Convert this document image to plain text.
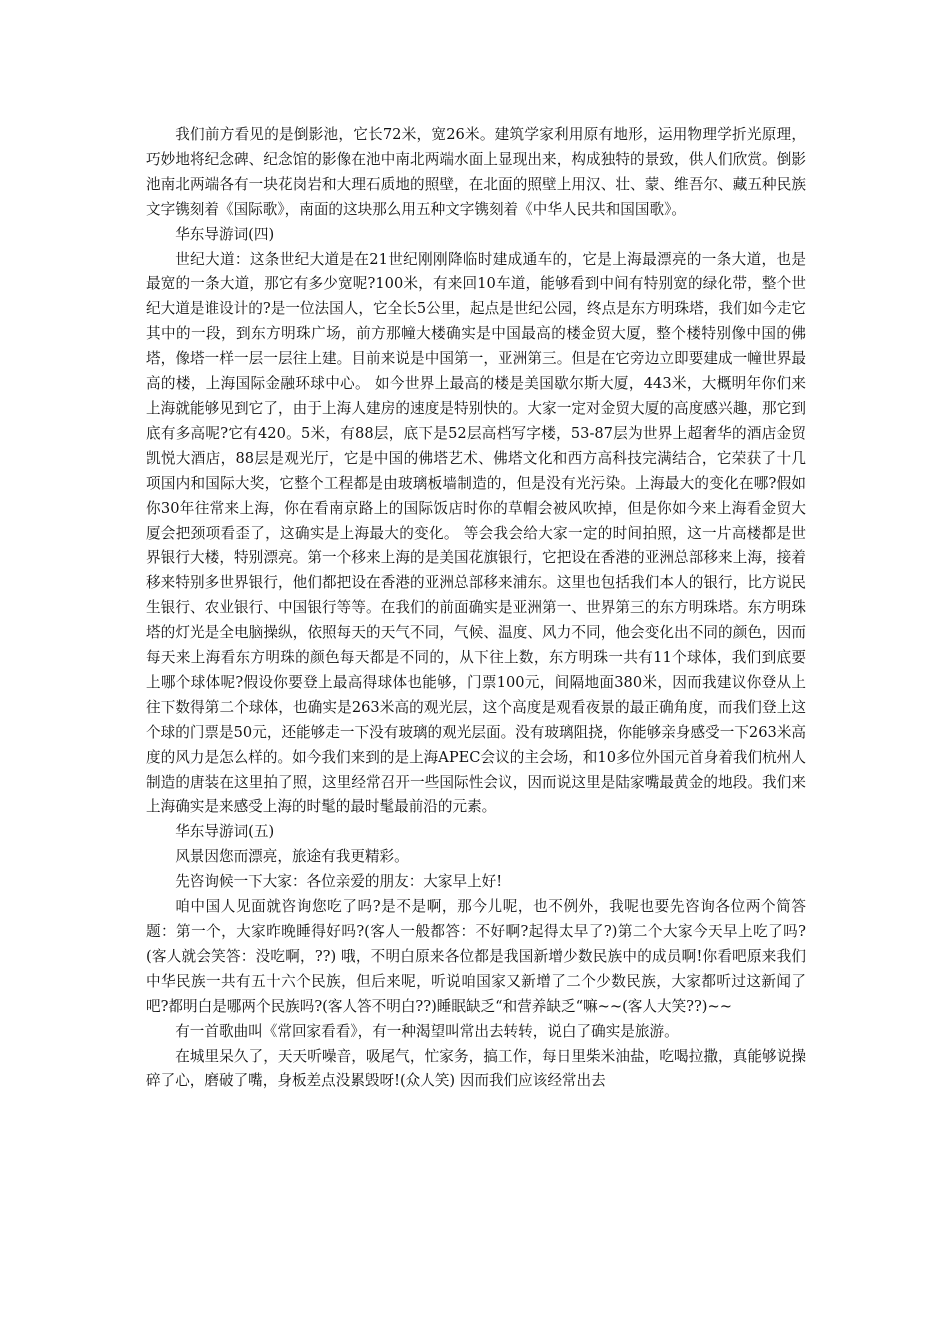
我们前方看见的是倒影池，它长72米，宽26米。建筑学家利用原有地形，运用物理学折光原理，巧妙地将纪念碑、纪念馆的影像在池中南北两端水面上显现出来，构成独特的景致，供人们欣赏。倒影池南北两端各有一块花岗岩和大理石质地的照壁，在北面的照壁上用汉、壮、蒙、维吾尔、藏五种民族文字镌刻着《国际歌》，南面的这块那么用五种文字镌刻着《中华人民共和国国歌》。

华东导游词(四)

世纪大道：这条世纪大道是在21世纪刚刚降临时建成通车的，它是上海最漂亮的一条大道，也是最宽的一条大道，那它有多少宽呢?100米，有来回10车道，能够看到中间有特别宽的绿化带，整个世纪大道是谁设计的?是一位法国人，它全长5公里，起点是世纪公园，终点是东方明珠塔，我们如今走它其中的一段，到东方明珠广场，前方那幢大楼确实是中国最高的楼金贸大厦，整个楼特别像中国的佛塔，像塔一样一层一层往上建。目前来说是中国第一，亚洲第三。但是在它旁边立即要建成一幢世界最高的楼，上海国际金融环球中心。 如今世界上最高的楼是美国歇尔斯大厦，443米，大概明年你们来上海就能够见到它了，由于上海人建房的速度是特别快的。大家一定对金贸大厦的高度感兴趣，那它到底有多高呢?它有420。5米，有88层，底下是52层高档写字楼，53-87层为世界上超奢华的酒店金贸凯悦大酒店，88层是观光厅，它是中国的佛塔艺术、佛塔文化和西方高科技完满结合，它荣获了十几项国内和国际大奖，它整个工程都是由玻璃板墙制造的，但是没有光污染。上海最大的变化在哪?假如你30年往常来上海，你在看南京路上的国际饭店时你的草帽会被风吹掉，但是你如今来上海看金贸大厦会把颈项看歪了，这确实是上海最大的变化。 等会我会给大家一定的时间拍照，这一片高楼都是世界银行大楼，特别漂亮。第一个移来上海的是美国花旗银行，它把设在香港的亚洲总部移来上海，接着移来特别多世界银行，他们都把设在香港的亚洲总部移来浦东。这里也包括我们本人的银行，比方说民生银行、农业银行、中国银行等等。在我们的前面确实是亚洲第一、世界第三的东方明珠塔。东方明珠塔的灯光是全电脑操纵，依照每天的天气不同，气候、温度、风力不同，他会变化出不同的颜色，因而每天来上海看东方明珠的颜色每天都是不同的，从下往上数，东方明珠一共有11个球体，我们到底要上哪个球体呢?假设你要登上最高得球体也能够，门票100元，间隔地面380米，因而我建议你登从上往下数得第二个球体，也确实是263米高的观光层，这个高度是观看夜景的最正确角度，而我们登上这个球的门票是50元，还能够走一下没有玻璃的观光层面。没有玻璃阻挠，你能够亲身感受一下263米高度的风力是怎么样的。如今我们来到的是上海APEC会议的主会场，和10多位外国元首身着我们杭州人制造的唐装在这里拍了照，这里经常召开一些国际性会议，因而说这里是陆家嘴最黄金的地段。我们来上海确实是来感受上海的时髦的最时髦最前沿的元素。

华东导游词(五)

风景因您而漂亮，旅途有我更精彩。

先咨询候一下大家：各位亲爱的朋友：大家早上好!

咱中国人见面就咨询您吃了吗?是不是啊，那今儿呢，也不例外，我呢也要先咨询各位两个简答题：第一个，大家昨晚睡得好吗?(客人一般都答：不好啊?起得太早了?)第二个大家今天早上吃了吗?(客人就会笑答：没吃啊，??) 哦，不明白原来各位都是我国新增少数民族中的成员啊!你看吧原来我们中华民族一共有五十六个民族，但后来呢，听说咱国家又新增了二个少数民族，大家都听过这新闻了吧?都明白是哪两个民族吗?(客人答不明白??)睡眠缺乏“和营养缺乏“嘛~~(客人大笑??)~~

有一首歌曲叫《常回家看看》，有一种渴望叫常出去转转，说白了确实是旅游。

在城里呆久了，天天听噪音，吸尾气，忙家务，搞工作，每日里柴米油盐，吃喝拉撒，真能够说操碎了心，磨破了嘴，身板差点没累毁呀!(众人笑) 因而我们应该经常出去
